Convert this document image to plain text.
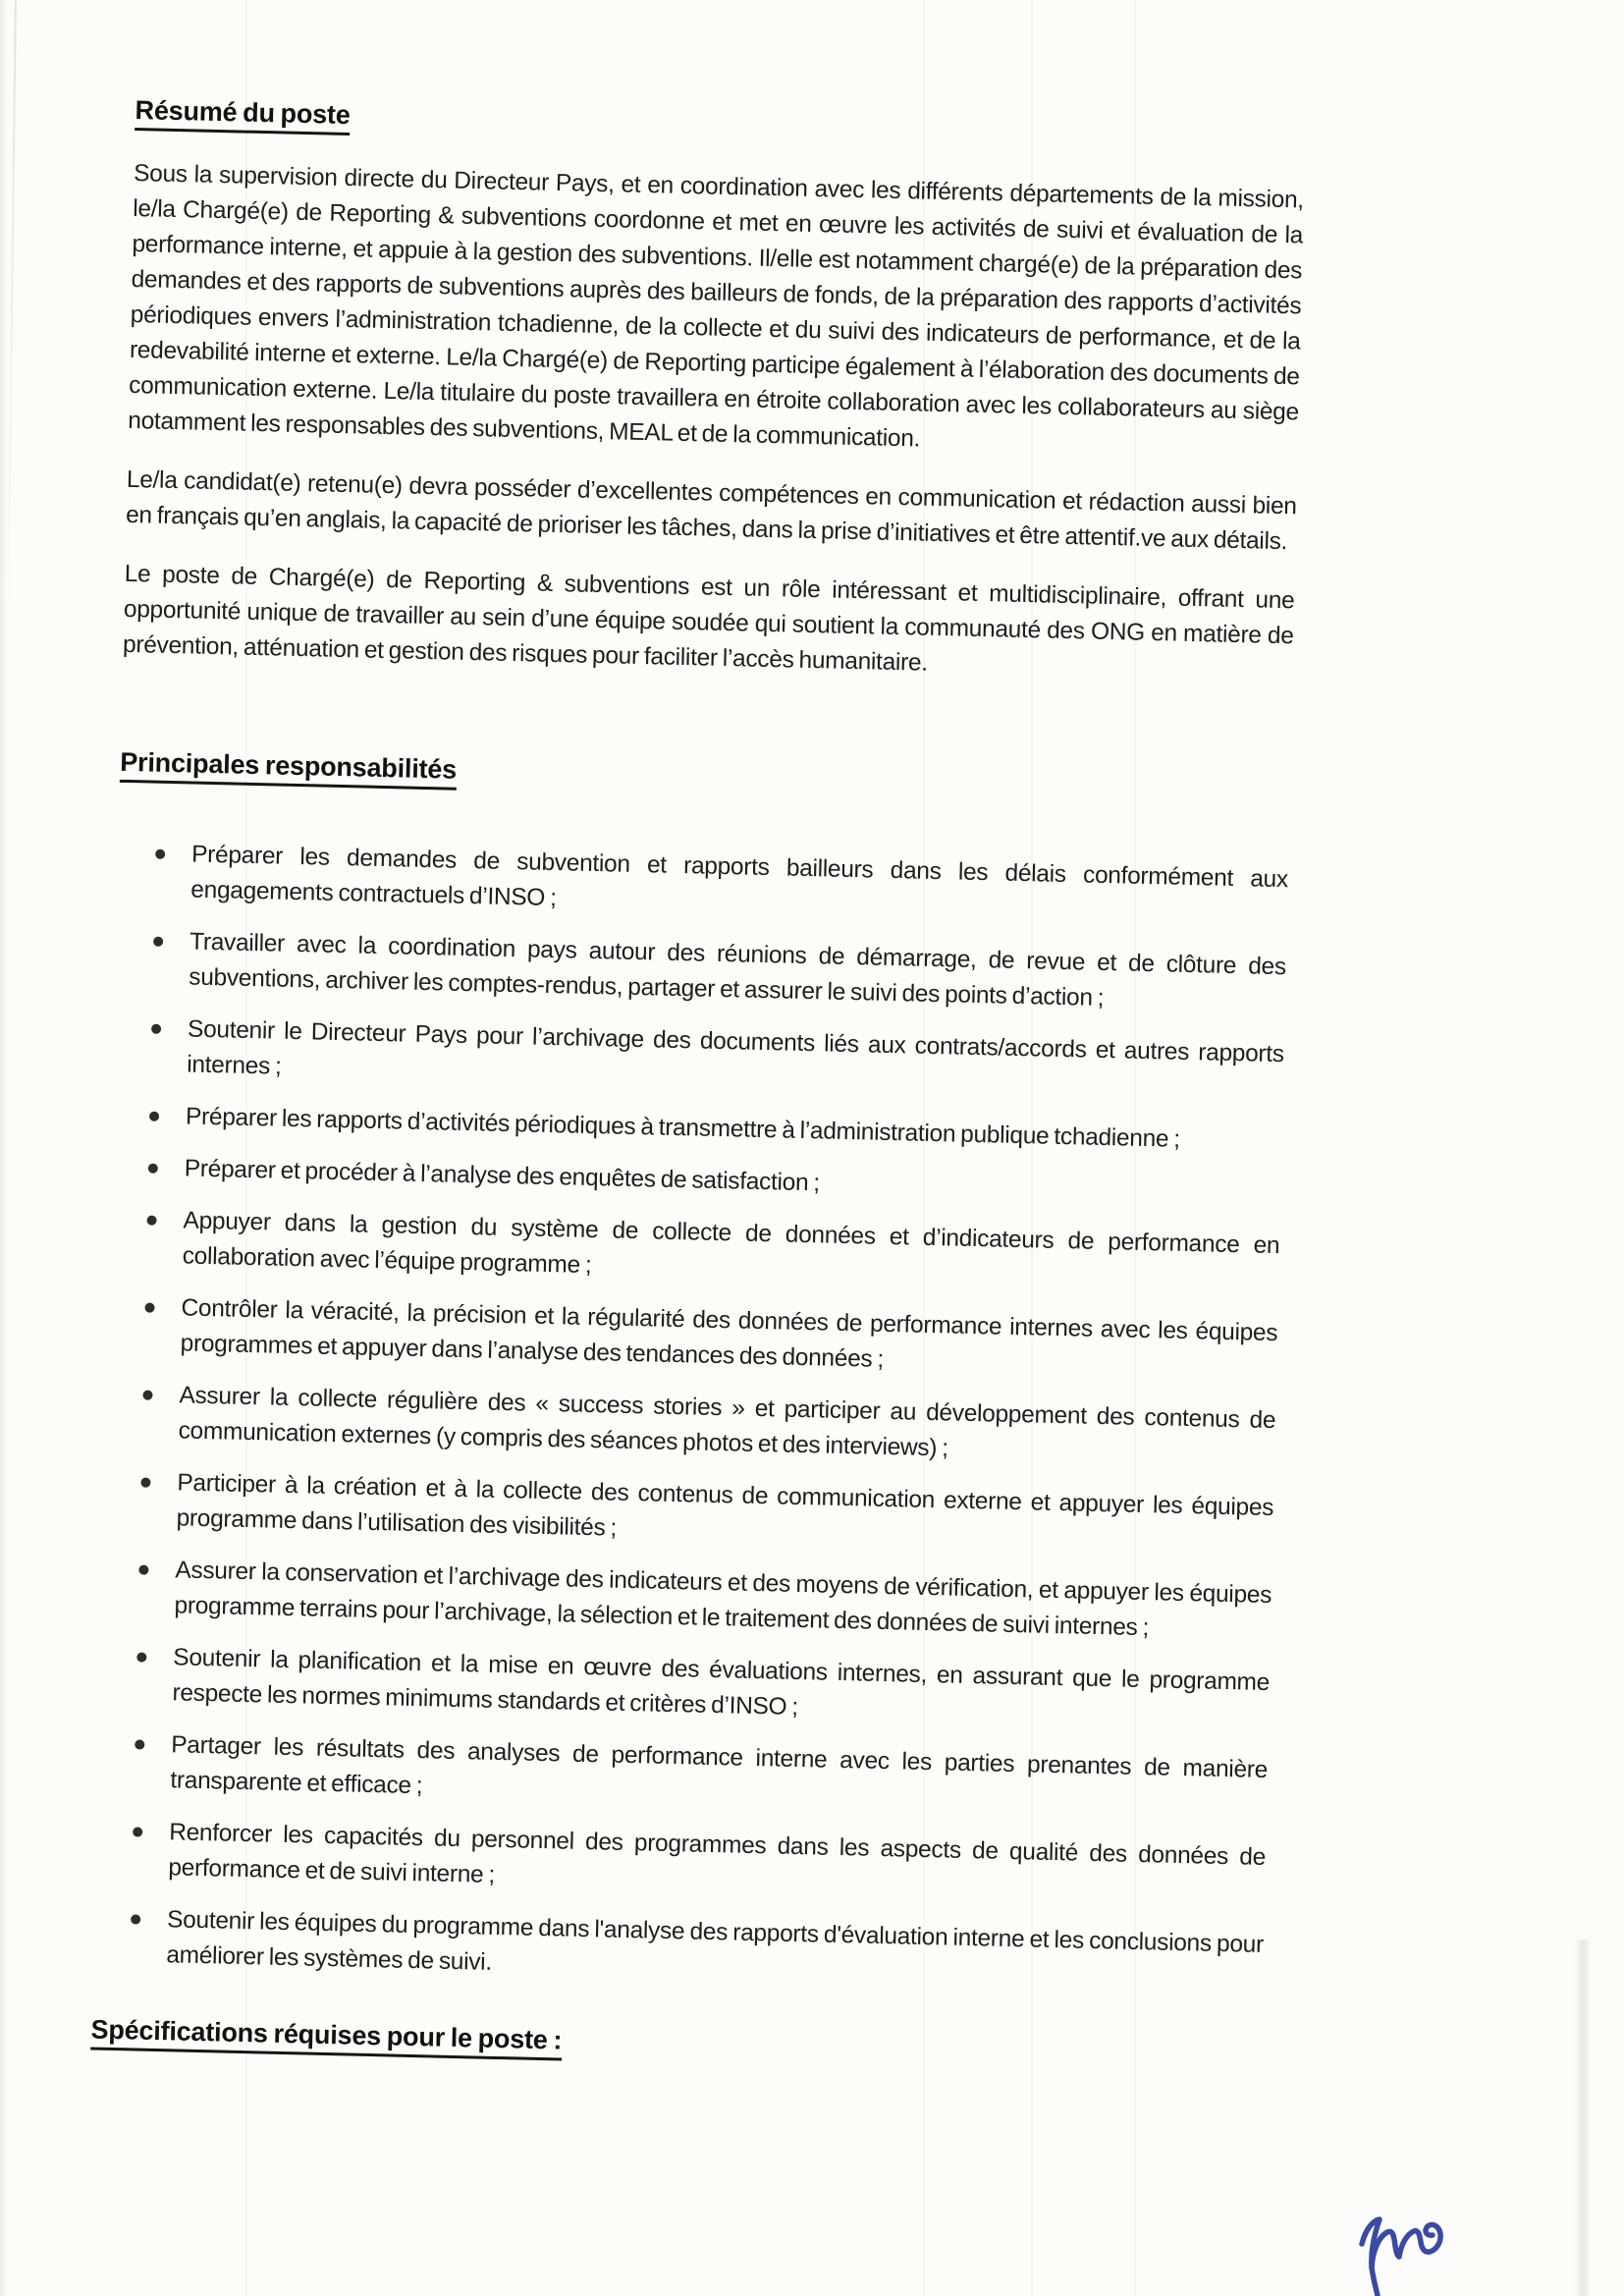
Résumé du poste

Sous la supervision directe du Directeur Pays, et en coordination avec les différents départements de la mission, le/la Chargé(e) de Reporting & subventions coordonne et met en œuvre les activités de suivi et évaluation de la performance interne, et appuie à la gestion des subventions. Il/elle est notamment chargé(e) de la préparation des demandes et des rapports de subventions auprès des bailleurs de fonds, de la préparation des rapports d’activités périodiques envers l’administration tchadienne, de la collecte et du suivi des indicateurs de performance, et de la redevabilité interne et externe. Le/la Chargé(e) de Reporting participe également à l’élaboration des documents de communication externe. Le/la titulaire du poste travaillera en étroite collaboration avec les collaborateurs au siège notamment les responsables des subventions, MEAL et de la communication.

Le/la candidat(e) retenu(e) devra posséder d’excellentes compétences en communication et rédaction aussi bien en français qu’en anglais, la capacité de prioriser les tâches, dans la prise d’initiatives et être attentif.ve aux détails.

Le poste de Chargé(e) de Reporting & subventions est un rôle intéressant et multidisciplinaire, offrant une opportunité unique de travailler au sein d’une équipe soudée qui soutient la communauté des ONG en matière de prévention, atténuation et gestion des risques pour faciliter l’accès humanitaire.

Principales responsabilités
Préparer les demandes de subvention et rapports bailleurs dans les délais conformément aux engagements contractuels d’INSO ;
Travailler avec la coordination pays autour des réunions de démarrage, de revue et de clôture des subventions, archiver les comptes-rendus, partager et assurer le suivi des points d’action ;
Soutenir le Directeur Pays pour l’archivage des documents liés aux contrats/accords et autres rapports internes ;
Préparer les rapports d’activités périodiques à transmettre à l’administration publique tchadienne ;
Préparer et procéder à l’analyse des enquêtes de satisfaction ;
Appuyer dans la gestion du système de collecte de données et d’indicateurs de performance en collaboration avec l’équipe programme ;
Contrôler la véracité, la précision et la régularité des données de performance internes avec les équipes programmes et appuyer dans l’analyse des tendances des données ;
Assurer la collecte régulière des « success stories » et participer au développement des contenus de communication externes (y compris des séances photos et des interviews) ;
Participer à la création et à la collecte des contenus de communication externe et appuyer les équipes programme dans l’utilisation des visibilités ;
Assurer la conservation et l’archivage des indicateurs et des moyens de vérification, et appuyer les équipes programme terrains pour l’archivage, la sélection et le traitement des données de suivi internes ;
Soutenir la planification et la mise en œuvre des évaluations internes, en assurant que le programme respecte les normes minimums standards et critères d’INSO ;
Partager les résultats des analyses de performance interne avec les parties prenantes de manière transparente et efficace ;
Renforcer les capacités du personnel des programmes dans les aspects de qualité des données de performance et de suivi interne ;
Soutenir les équipes du programme dans l'analyse des rapports d'évaluation interne et les conclusions pour améliorer les systèmes de suivi.
Spécifications réquises pour le poste :
